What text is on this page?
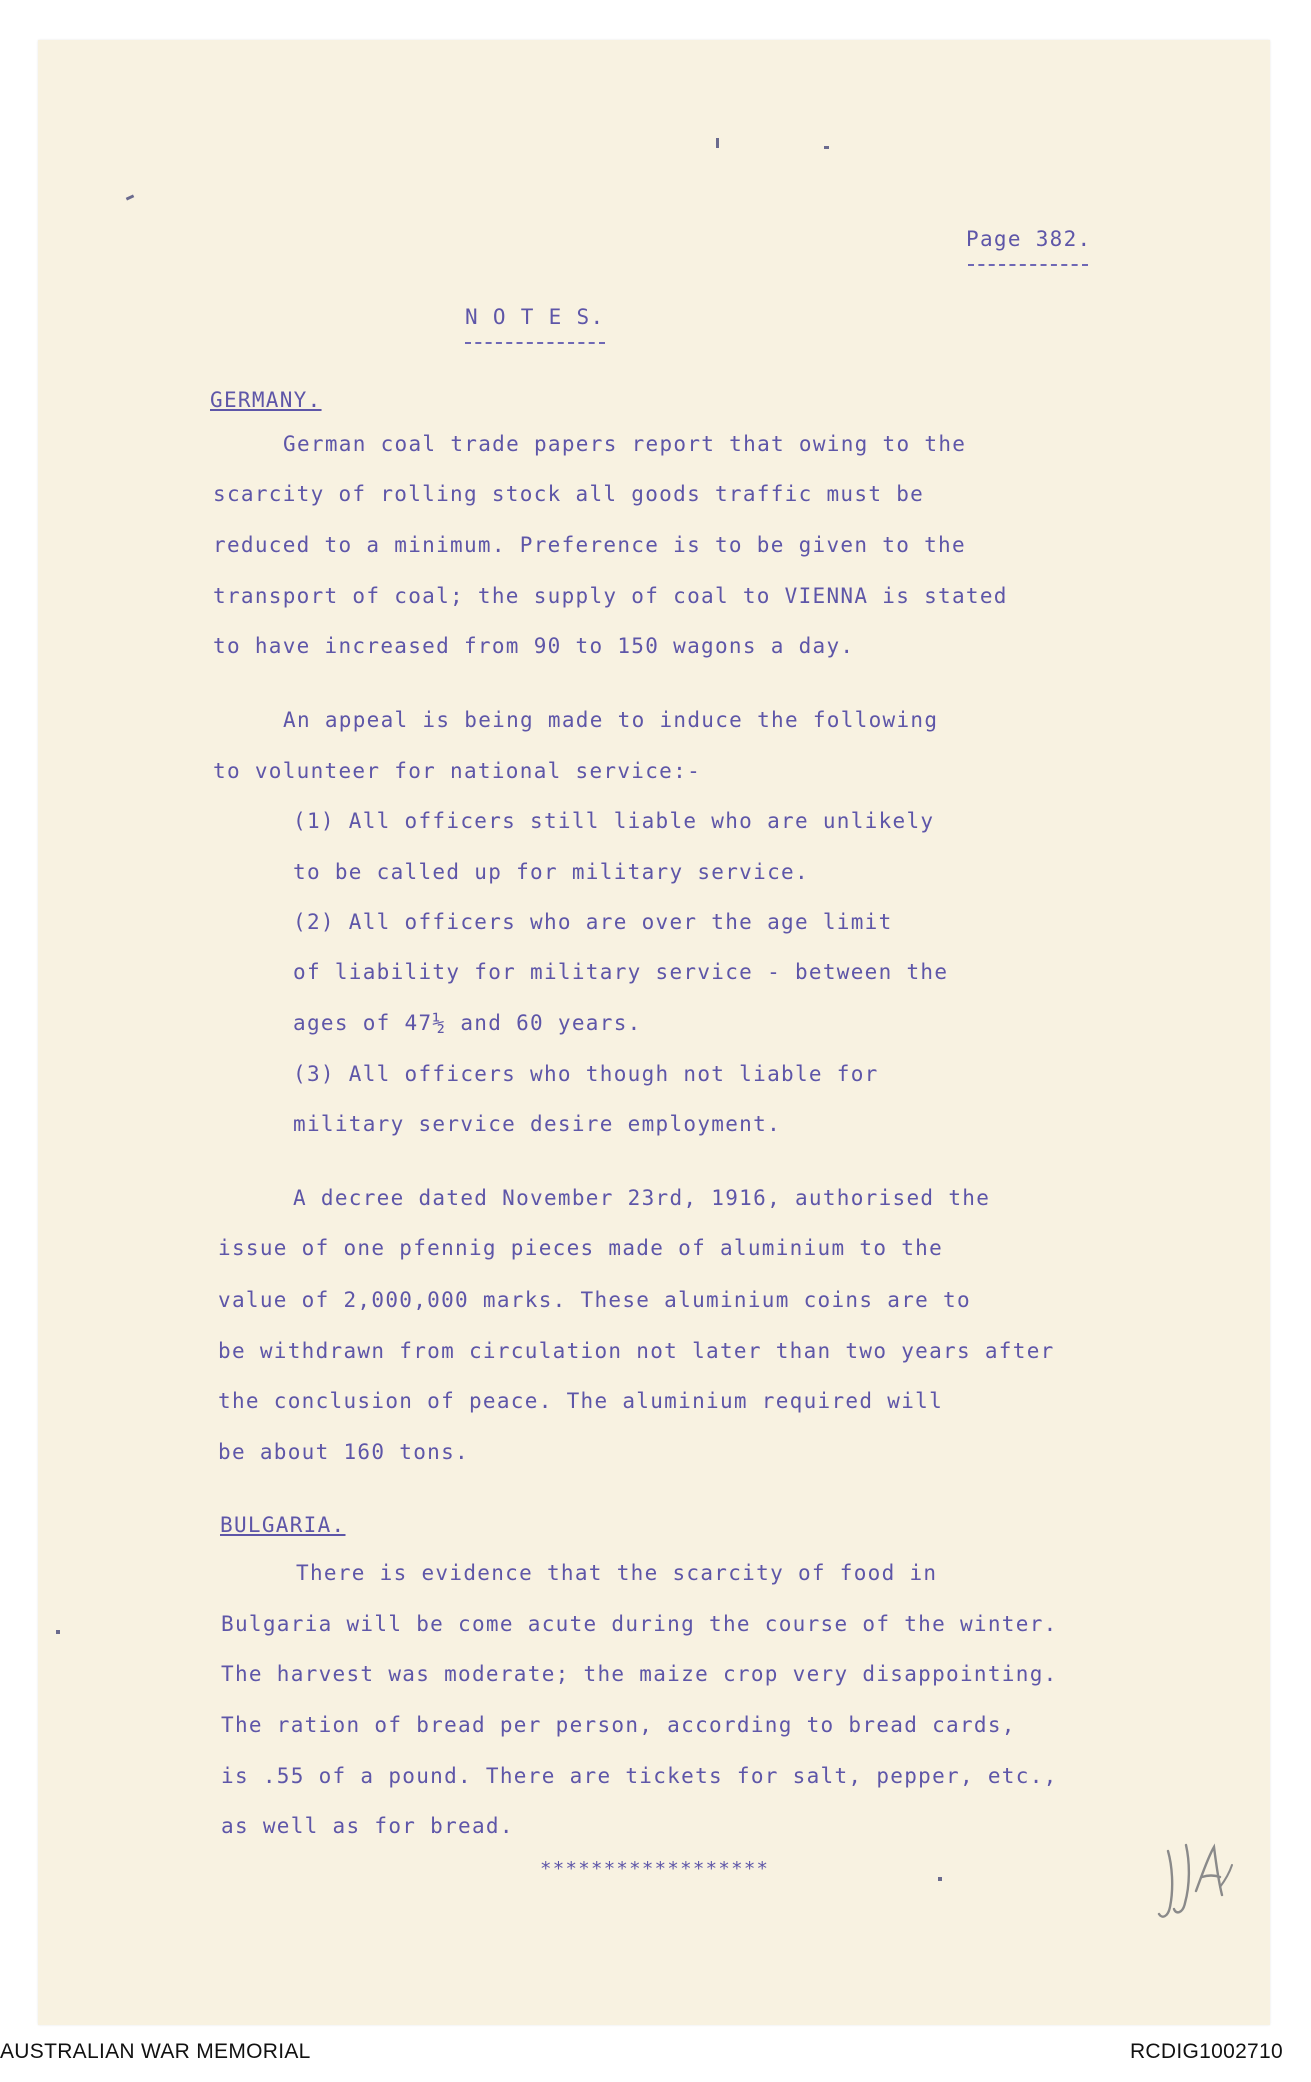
Page 382.
N O T E S.
GERMANY.
German coal trade papers report that owing to the
scarcity of rolling stock all goods traffic must be
reduced to a minimum. Preference is to be given to the
transport of coal; the supply of coal to VIENNA is stated
to have increased from 90 to 150 wagons a day.
An appeal is being made to induce the following
to volunteer for national service:-
(1) All officers still liable who are unlikely
to be called up for military service.
(2) All officers who are over the age limit
of liability for military service - between the
ages of 47½ and 60 years.
(3) All officers who though not liable for
military service desire employment.
A decree dated November 23rd, 1916, authorised the
issue of one pfennig pieces made of aluminium to the
value of 2,000,000 marks. These aluminium coins are to
be withdrawn from circulation not later than two years after
the conclusion of peace. The aluminium required will
be about 160 tons.
BULGARIA.
There is evidence that the scarcity of food in
Bulgaria will be come acute during the course of the winter.
The harvest was moderate; the maize crop very disappointing.
The ration of bread per person, according to bread cards,
is .55 of a pound. There are tickets for salt, pepper, etc.,
as well as for bread.
******************
AUSTRALIAN WAR MEMORIAL	RCDIG1002710
